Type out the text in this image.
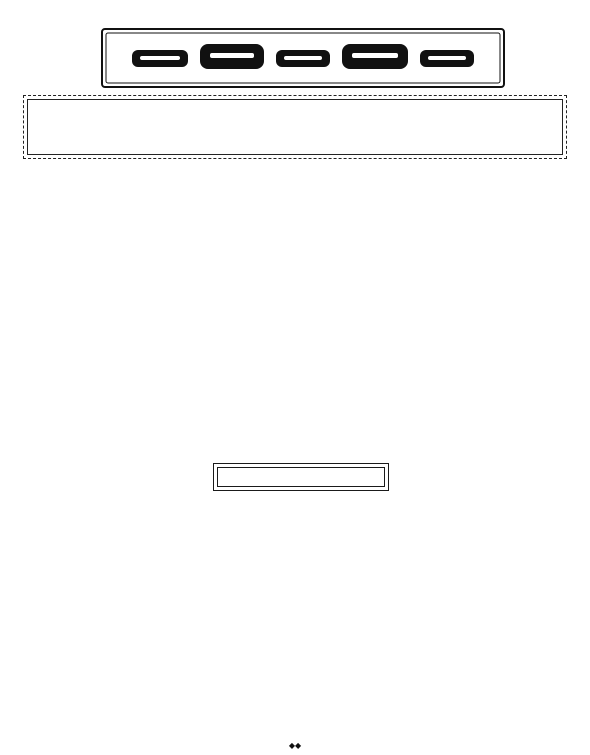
◆◆
